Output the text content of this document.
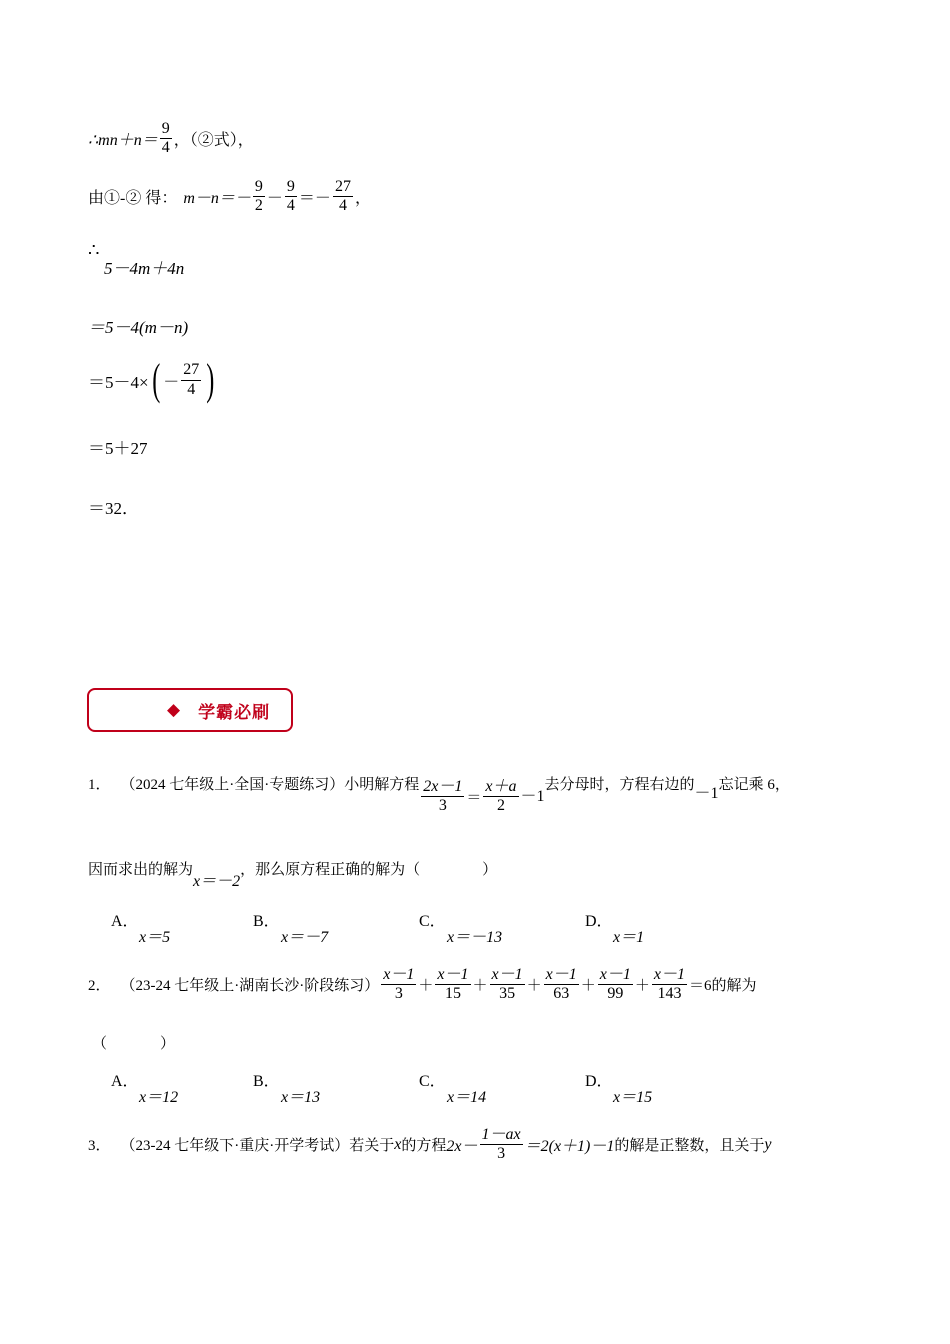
∴mn＋n＝ $\frac{9}{4}$ ，（②式），
由①-② 得： $m-n=- \frac{9}{2} - \frac{9}{4} =- \frac{27}{4}$ ，
∴
5－4m＋4n
＝5－4(m－n)
＝5－4× ( － $\frac{27}{4}$ )
＝5＋27
＝32．
◆ 学霸必刷
1． （2024 七年级上·全国·专题练习） 小明解方程 $\frac{2x-1}{3} = \frac{x+a}{2} -1$
去分母时，方程右边的 －1 忘记乘 6，
因而求出的解为
x＝－2
，那么原方程正确的解为（	）
A．
x＝5
B．
x＝－7
C．
x＝－13
D．
x＝1
2． （23-24 七年级上·湖南长沙·阶段练习） $\frac{x-1}{3} + \frac{x-1}{15} + \frac{x-1}{35} + \frac{x-1}{63} + \frac{x-1}{99} + \frac{x-1}{143} =6$的解为
（	）
A．
x＝12
B．
x＝13
C．
x＝14
D．
x＝15
3． （23-24 七年级下·重庆·开学考试） 若关于 x 的方程 $2x- \frac{1-ax}{3} =2(x+1)-1$ 的解是正整数，且关于 y
